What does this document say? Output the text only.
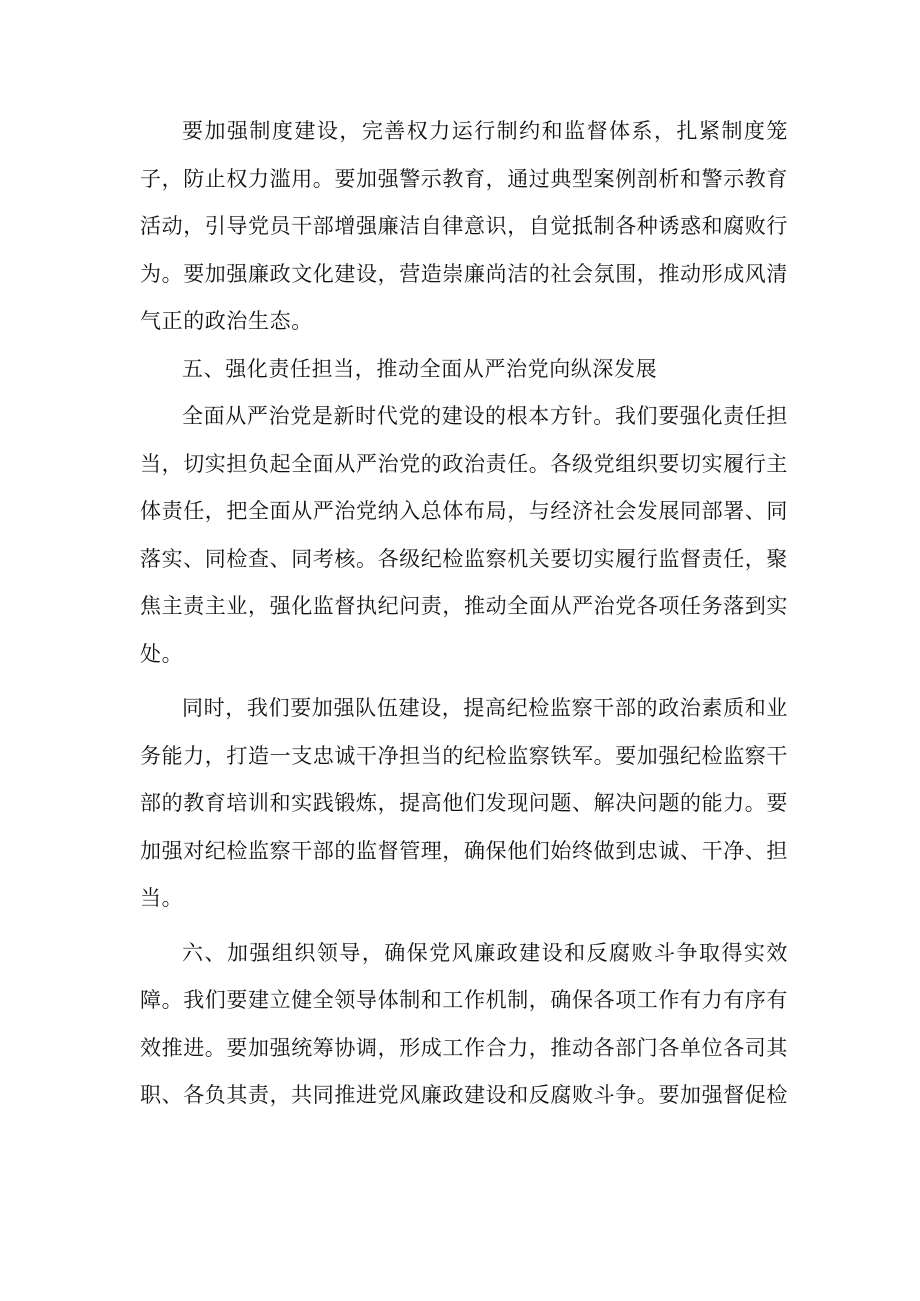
要加强制度建设，完善权力运行制约和监督体系，扎紧制度笼子，防止权力滥用。要加强警示教育，通过典型案例剖析和警示教育活动，引导党员干部增强廉洁自律意识，自觉抵制各种诱惑和腐败行为。要加强廉政文化建设，营造崇廉尚洁的社会氛围，推动形成风清气正的政治生态。

五、强化责任担当，推动全面从严治党向纵深发展

全面从严治党是新时代党的建设的根本方针。我们要强化责任担当，切实担负起全面从严治党的政治责任。各级党组织要切实履行主体责任，把全面从严治党纳入总体布局，与经济社会发展同部署、同落实、同检查、同考核。各级纪检监察机关要切实履行监督责任，聚焦主责主业，强化监督执纪问责，推动全面从严治党各项任务落到实处。

同时，我们要加强队伍建设，提高纪检监察干部的政治素质和业务能力，打造一支忠诚干净担当的纪检监察铁军。要加强纪检监察干部的教育培训和实践锻炼，提高他们发现问题、解决问题的能力。要加强对纪检监察干部的监督管理，确保他们始终做到忠诚、干净、担当。

六、加强组织领导，确保党风廉政建设和反腐败斗争取得实效障。我们要建立健全领导体制和工作机制，确保各项工作有力有序有效推进。要加强统筹协调，形成工作合力，推动各部门各单位各司其职、各负其责，共同推进党风廉政建设和反腐败斗争。要加强督促检
